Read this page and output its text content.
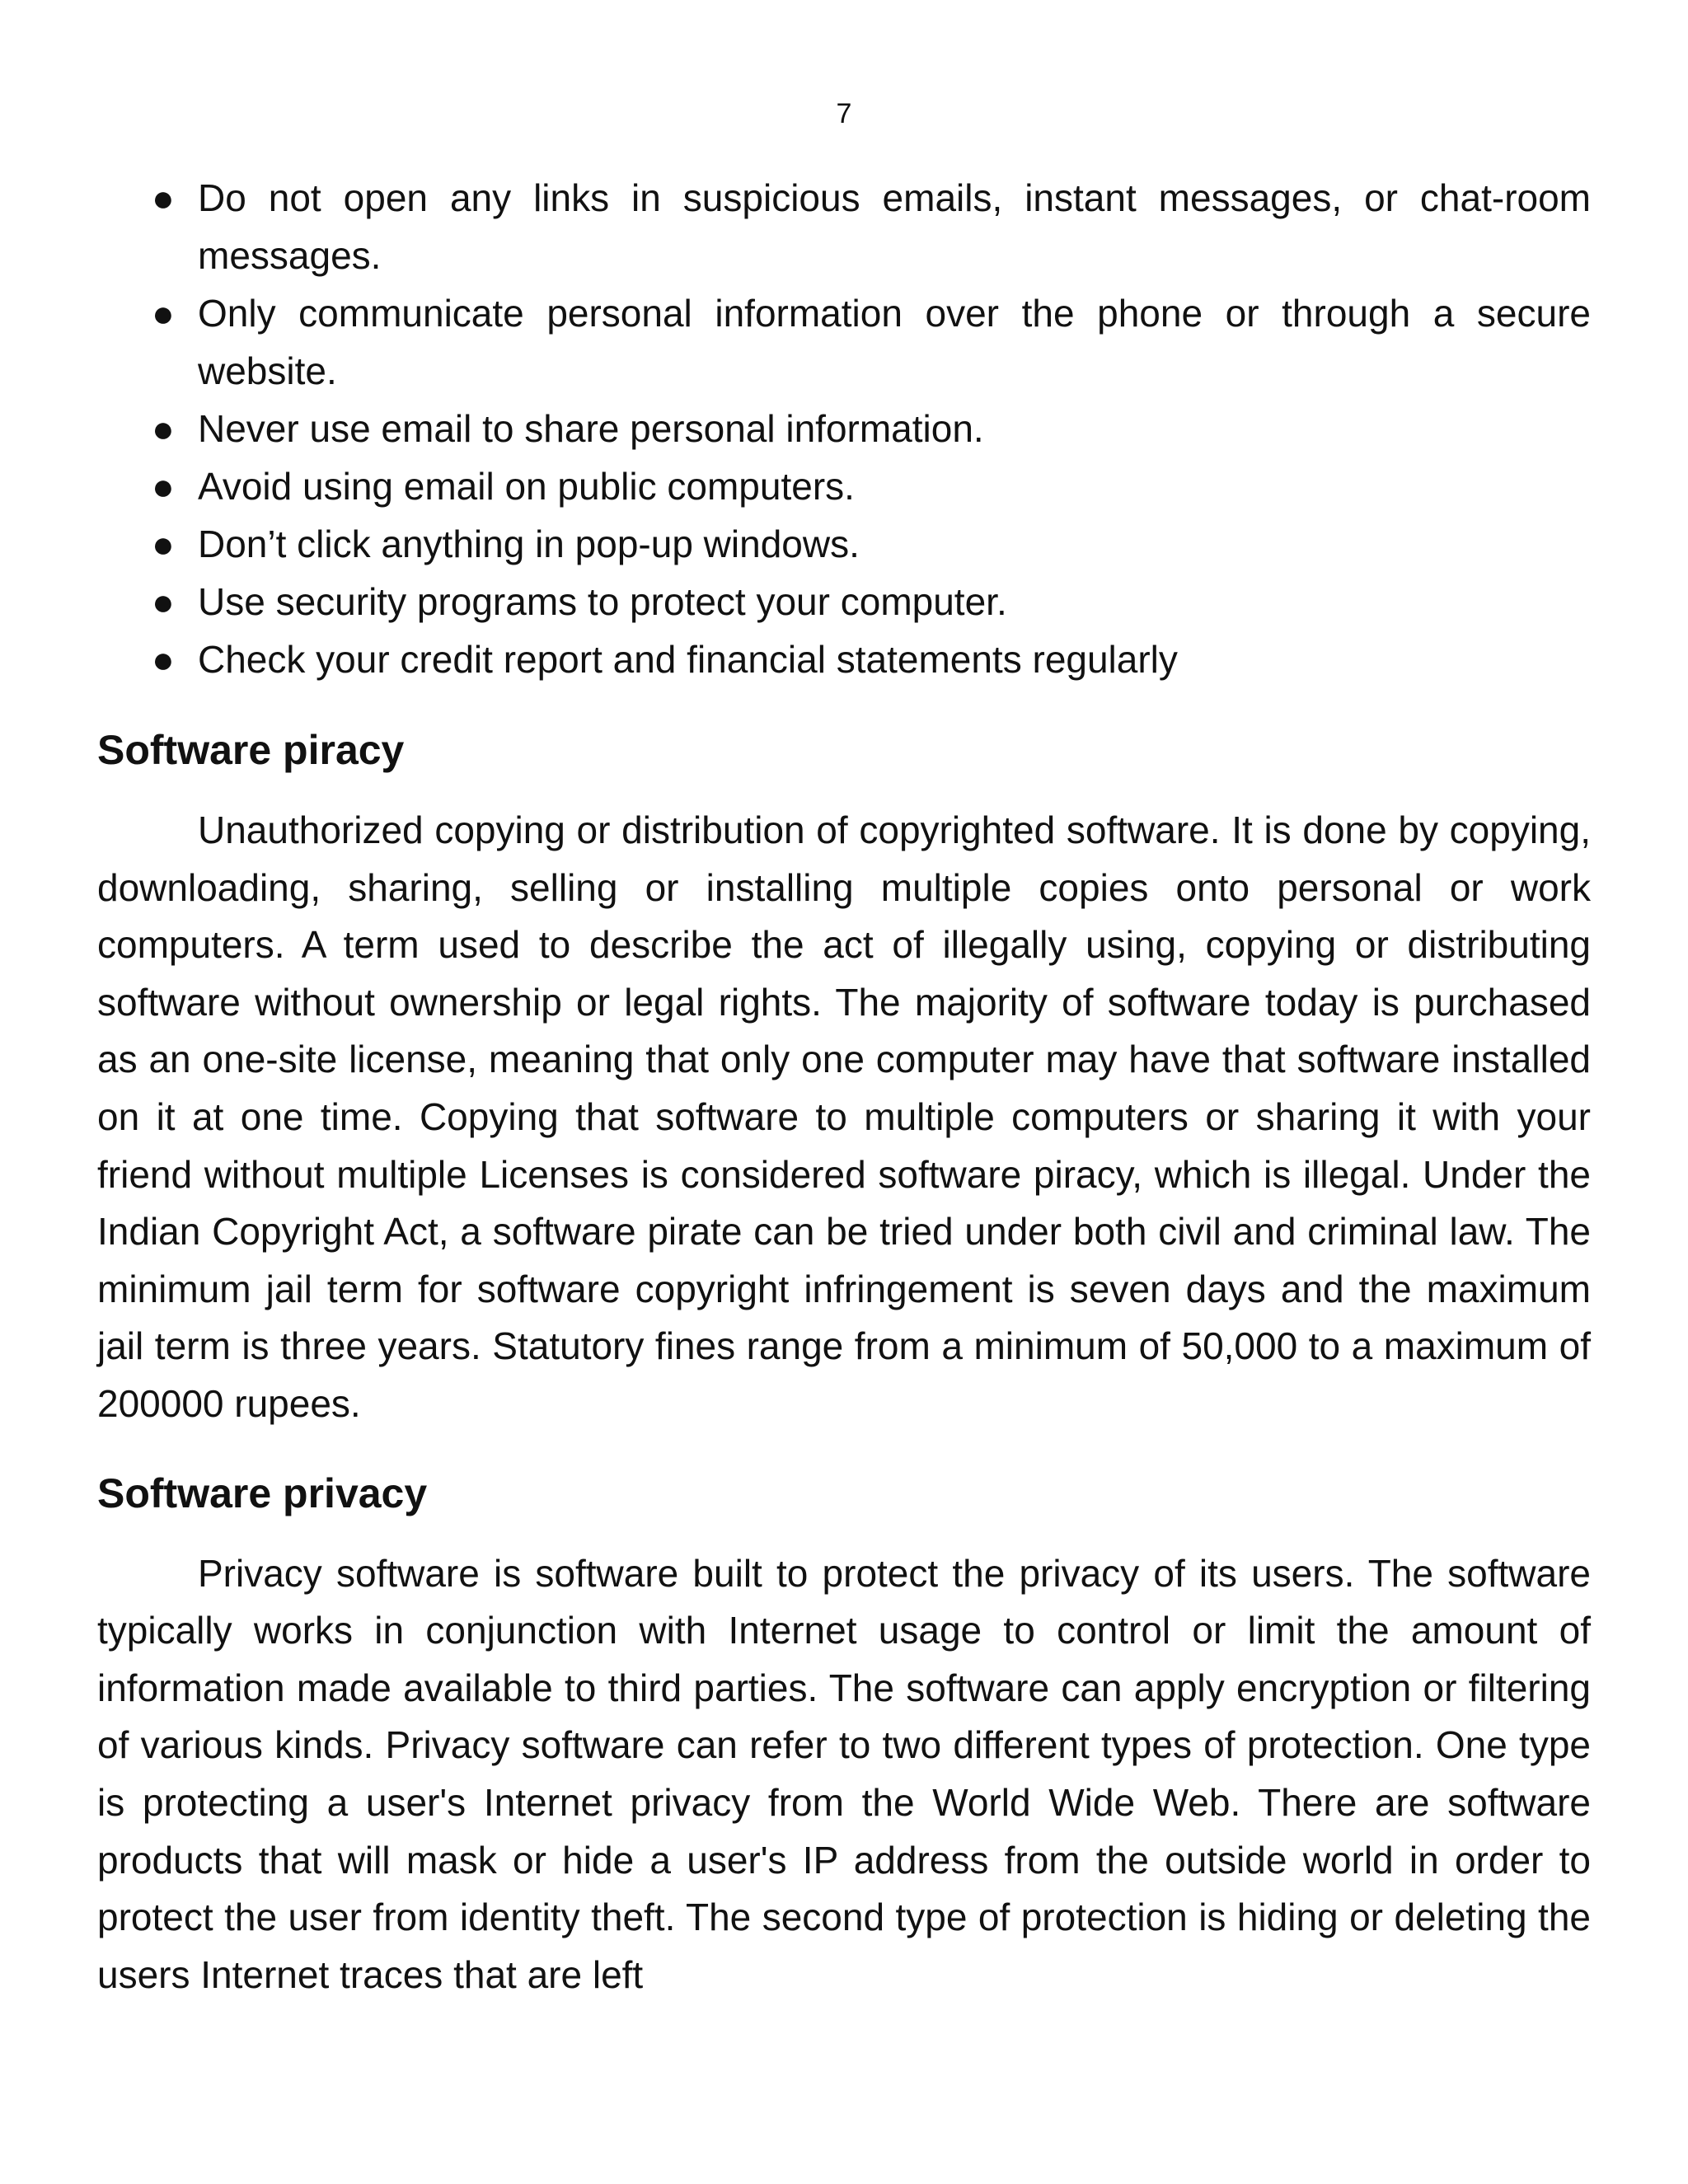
7
● Do not open any links in suspicious emails, instant messages, or chat-room messages.
● Only communicate personal information over the phone or through a secure website.
● Never use email to share personal information.
● Avoid using email on public computers.
● Don’t click anything in pop-up windows.
● Use security programs to protect your computer.
● Check your credit report and financial statements regularly
Software piracy

Unauthorized copying or distribution of copyrighted software. It is done by copying, downloading, sharing, selling or installing multiple copies onto personal or work computers. A term used to describe the act of illegally using, copying or distributing software without ownership or legal rights. The majority of software today is purchased as an one-site license, meaning that only one computer may have that software installed on it at one time. Copying that software to multiple computers or sharing it with your friend without multiple Licenses is considered software piracy, which is illegal. Under the Indian Copyright Act, a software pirate can be tried under both civil and criminal law. The minimum jail term for software copyright infringement is seven days and the maximum jail term is three years. Statutory fines range from a minimum of 50,000 to a maximum of 200000 rupees.

Software privacy

Privacy software is software built to protect the privacy of its users. The software typically works in conjunction with Internet usage to control or limit the amount of information made available to third parties. The software can apply encryption or filtering of various kinds. Privacy software can refer to two different types of protection. One type is protecting a user's Internet privacy from the World Wide Web. There are software products that will mask or hide a user's IP address from the outside world in order to protect the user from identity theft. The second type of protection is hiding or deleting the users Internet traces that are left
